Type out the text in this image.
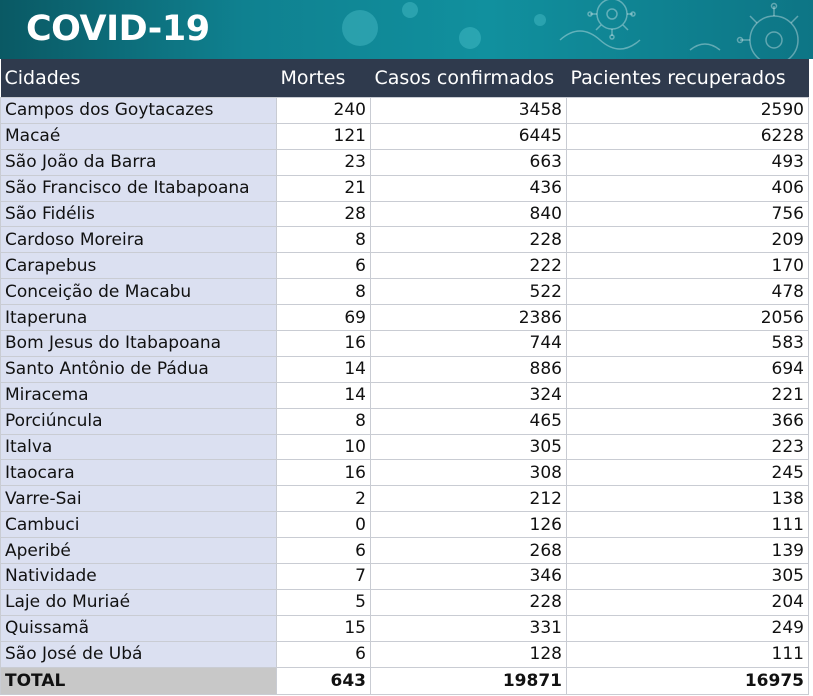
COVID-19
Cidades	Mortes	Casos confirmados	Pacientes recuperados
Campos dos Goytacazes	240	3458	2590
Macaé	121	6445	6228
São João da Barra	23	663	493
São Francisco de Itabapoana	21	436	406
São Fidélis	28	840	756
Cardoso Moreira	8	228	209
Carapebus	6	222	170
Conceição de Macabu	8	522	478
Itaperuna	69	2386	2056
Bom Jesus do Itabapoana	16	744	583
Santo Antônio de Pádua	14	886	694
Miracema	14	324	221
Porciúncula	8	465	366
Italva	10	305	223
Itaocara	16	308	245
Varre-Sai	2	212	138
Cambuci	0	126	111
Aperibé	6	268	139
Natividade	7	346	305
Laje do Muriaé	5	228	204
Quissamã	15	331	249
São José de Ubá	6	128	111
TOTAL	643	19871	16975
